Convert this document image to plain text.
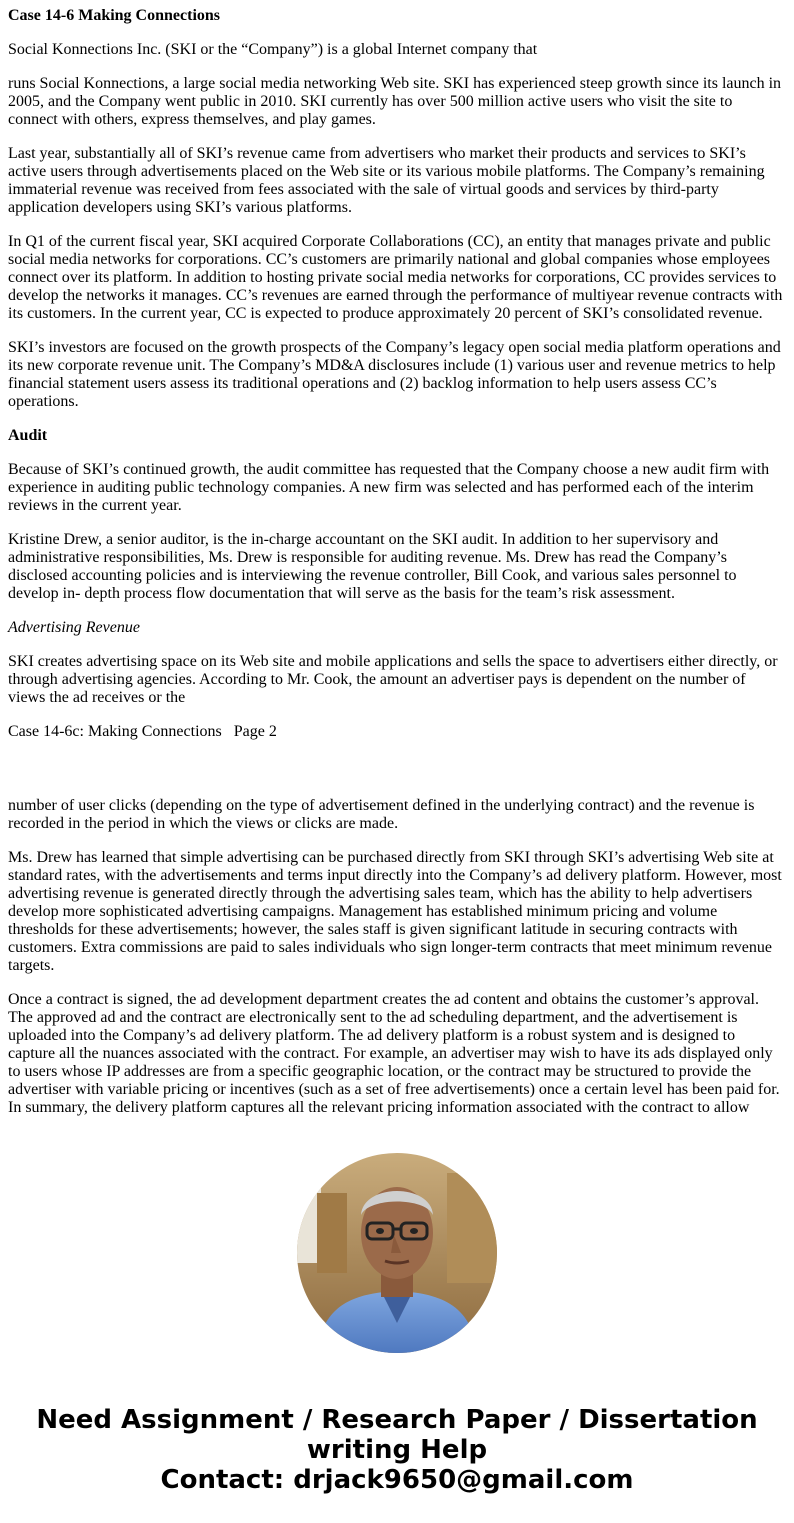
Case 14-6 Making Connections

Social Konnections Inc. (SKI or the “Company”) is a global Internet company that

runs Social Konnections, a large social media networking Web site. SKI has experienced steep growth since its launch in 2005, and the Company went public in 2010. SKI currently has over 500 million active users who visit the site to connect with others, express themselves, and play games.

Last year, substantially all of SKI’s revenue came from advertisers who market their products and services to SKI’s active users through advertisements placed on the Web site or its various mobile platforms. The Company’s remaining immaterial revenue was received from fees associated with the sale of virtual goods and services by third-party application developers using SKI’s various platforms.

In Q1 of the current fiscal year, SKI acquired Corporate Collaborations (CC), an entity that manages private and public social media networks for corporations. CC’s customers are primarily national and global companies whose employees connect over its platform. In addition to hosting private social media networks for corporations, CC provides services to develop the networks it manages. CC’s revenues are earned through the performance of multiyear revenue contracts with its customers. In the current year, CC is expected to produce approximately 20 percent of SKI’s consolidated revenue.

SKI’s investors are focused on the growth prospects of the Company’s legacy open social media platform operations and its new corporate revenue unit. The Company’s MD&A disclosures include (1) various user and revenue metrics to help financial statement users assess its traditional operations and (2) backlog information to help users assess CC’s operations.

Audit

Because of SKI’s continued growth, the audit committee has requested that the Company choose a new audit firm with experience in auditing public technology companies. A new firm was selected and has performed each of the interim reviews in the current year.

Kristine Drew, a senior auditor, is the in-charge accountant on the SKI audit. In addition to her supervisory and administrative responsibilities, Ms. Drew is responsible for auditing revenue. Ms. Drew has read the Company’s disclosed accounting policies and is interviewing the revenue controller, Bill Cook, and various sales personnel to develop in- depth process flow documentation that will serve as the basis for the team’s risk assessment.

Advertising Revenue

SKI creates advertising space on its Web site and mobile applications and sells the space to advertisers either directly, or through advertising agencies. According to Mr. Cook, the amount an advertiser pays is dependent on the number of views the ad receives or the

Case 14-6c: Making Connections   Page 2

number of user clicks (depending on the type of advertisement defined in the underlying contract) and the revenue is recorded in the period in which the views or clicks are made.

Ms. Drew has learned that simple advertising can be purchased directly from SKI through SKI’s advertising Web site at standard rates, with the advertisements and terms input directly into the Company’s ad delivery platform. However, most advertising revenue is generated directly through the advertising sales team, which has the ability to help advertisers develop more sophisticated advertising campaigns. Management has established minimum pricing and volume thresholds for these advertisements; however, the sales staff is given significant latitude in securing contracts with customers. Extra commissions are paid to sales individuals who sign longer-term contracts that meet minimum revenue targets.

Once a contract is signed, the ad development department creates the ad content and obtains the customer’s approval. The approved ad and the contract are electronically sent to the ad scheduling department, and the advertisement is uploaded into the Company’s ad delivery platform. The ad delivery platform is a robust system and is designed to capture all the nuances associated with the contract. For example, an advertiser may wish to have its ads displayed only to users whose IP addresses are from a specific geographic location, or the contract may be structured to provide the advertiser with variable pricing or incentives (such as a set of free advertisements) once a certain level has been paid for. In summary, the delivery platform captures all the relevant pricing information associated with the contract to allow

Need Assignment / Research Paper / Dissertation
writing Help
Contact: drjack9650@gmail.com
